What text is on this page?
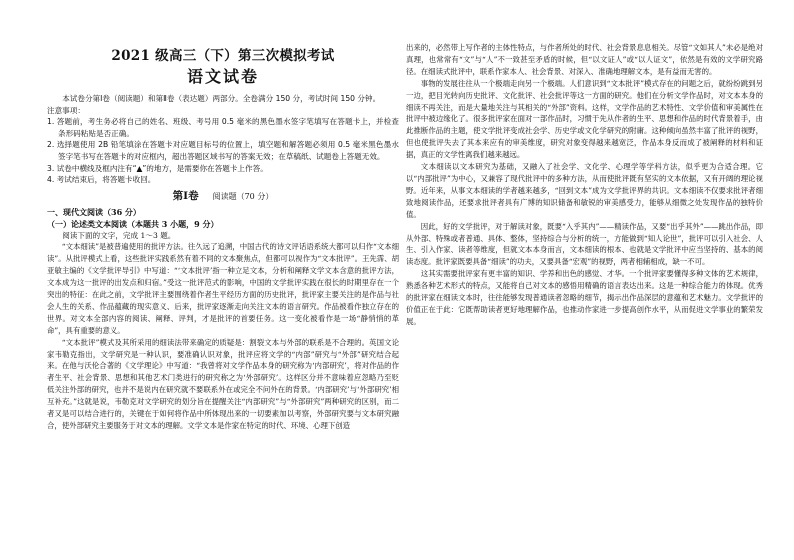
2021 级高三（下）第三次模拟考试
语文试卷

本试卷分第Ⅰ卷（阅读题）和第Ⅱ卷（表达题）两部分。全卷满分 150 分，考试时间 150 分钟。

注意事项：

1. 答题前，考生务必将自己的姓名、班级、考号用 0.5 毫米的黑色墨水签字笔填写在答题卡上，并检查条形码粘贴是否正确。

2. 选择题使用 2B 铅笔填涂在答题卡对应题目标号的位置上，填空题和解答题必须用 0.5 毫米黑色墨水签字笔书写在答题卡的对应框内，超出答题区域书写的答案无效；在草稿纸、试题卷上答题无效。

3. 试卷中横线及框内注有“▲”的地方，是需要你在答题卡上作答。

4. 考试结束后，将答题卡收回。

第Ⅰ卷 阅读题（70 分）

一、现代文阅读（36 分）

（一）论述类文本阅读（本题共 3 小题，9 分）

阅读下面的文字，完成 1～3 题。

“文本细读”是被普遍使用的批评方法。往久远了追溯，中国古代的诗文评话语系统大都可以归作“文本细读”。从批评模式上看，这些批评实践系然有着不同的文本聚焦点，但都可以视作为“文本批评”。王先霈、胡亚敏主编的《文学批评导引》中写道：“‘文本批评’指一种立足文本，分析和阐释文学文本含意的批评方法，文本成为这一批评的出发点和归宿。”受这一批评范式的影响，中国的文学批评实践在很长的时期里存在一个突出的特征：在此之前，文学批评主要围绕着作者生平经历方面的历史批评，批评家主要关注的是作品与社会人生的关系、作品蕴藏的现实意义、后来，批评家逐渐走向关注文本的语言研究。作品被看作独立存在的世界。对文本全部内容的阅读、阐释、评判，才是批评的首要任务。这一变化被看作是一场“静悄悄的革命”，具有重要的意义。

“文本批评”模式及其所采用的细读法带来确定的质疑是：割裂文本与外部的联系是不合理的。英国文论家韦勒克指出，文学研究是一种认识，要准确认识对象，批评应将文学的“内部”研究与“外部”研究结合起来。在他与沃伦合著的《文学理论》中写道：“我曾将对文学作品本身的研究称为‘内部研究’，将对作品的作者生平、社会背景、思想和其他艺术门类进行的研究称之为‘外部研究’。这样区分并不意味着应忽略乃至贬低关注外部的研究，也并不是说内在研究就不要联系外在或完全不问外在的背景。‘内部研究’与‘外部研究’相互补充。”这就是说，韦勒克对文学研究的划分旨在提醒关注“内部研究”与“外部研究”两种研究的区别，而二者又是可以结合进行的，关键在于如何将作品中所体现出来的一切要素加以考察，外部研究要与文本研究融合，使外部研究主要服务于对文本的理解。文学文本是作家在特定的时代、环境、心理下创造

出来的，必然带上写作者的主体性特点，与作者所处的时代、社会背景息息相关。尽管“文如其人”未必是绝对真理，也常常有“文”与“人”不一致甚至矛盾的时候，但“以文证人”或“以人证文”，依然是有效的文学研究路径。在细读式批评中，联系作家本人、社会背景、对深入、准确地理解文本，是有益而无害的。

事物的发展往往从一个极端走向另一个极端。人们意识到“文本批评”模式存在的问题之后，就纷纷跳到另一边，把目光转向历史批评、文化批评、社会批评等这一方面的研究。他们在分析文学作品时，对文本本身的细读不再关注，而是大量地关注与其相关的“外部”资料。这样，文学作品的艺术特性、文学价值和审美属性在批评中被边缘化了。很多批评家在面对一部作品时，习惯于先从作者的生平、思想和作品的时代背景着手，由此推断作品的主题，使文学批评变成社会学、历史学或文化学研究的附庸。这种倾向虽然丰富了批评的视野，但也使批评失去了其本来应有的审美维度，研究对象变得越来越宽泛，作品本身反而成了被阐释的材料和证据，真正的文学性离我们越来越远。

文本细读以文本研究为基础，又融入了社会学、文化学、心理学等学科方法，似乎更为合适合理。它以“内部批评”为中心，又兼容了现代批评中的多种方法，从而使批评既有坚实的文本依据，又有开阔的理论视野。近年来，从事文本细读的学者越来越多，“回到文本”成为文学批评界的共识。文本细读不仅要求批评者细致地阅读作品，还要求批评者具有广博的知识储备和敏锐的审美感受力，能够从细微之处发现作品的独特价值。

因此，好的文学批评，对于解读对象，既要“入乎其内”——精读作品，又要“出乎其外”——跳出作品，即从外部、特殊或者普通、具体、整体，坚持综合与分析的统一，方能做到“知人论世”，批评可以引入社会、人生、引入作家、读者等维度，但就文本本身而言，文本细读的根本、也就是文学批评中应当坚持的、基本的阅读态度。批评家既要具备“细读”的功夫，又要具备“宏观”的视野，两者相辅相成，缺一不可。

这其实需要批评家有更丰富的知识、学养和出色的感觉、才华。一个批评家要懂得多种文体的艺术规律，熟悉各种艺术形式的特点，又能将自己对文本的感悟用精确的语言表达出来。这是一种综合能力的体现。优秀的批评家在细读文本时，往往能够发现普通读者忽略的细节，揭示出作品深层的意蕴和艺术魅力。文学批评的价值正在于此：它既帮助读者更好地理解作品，也推动作家进一步提高创作水平，从而促进文学事业的繁荣发展。
